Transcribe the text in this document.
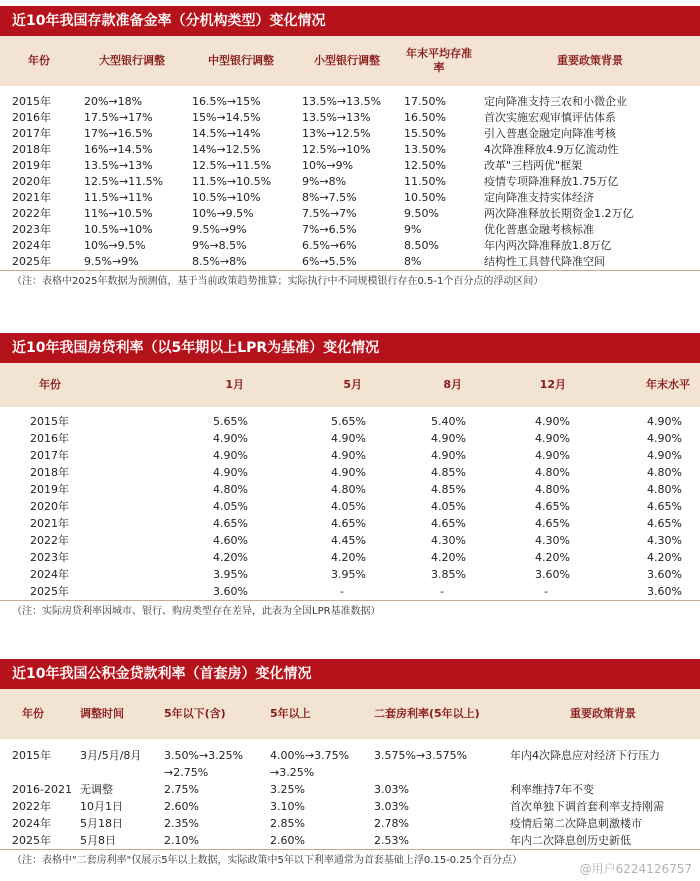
近10年我国存款准备金率（分机构类型）变化情况
年份	大型银行调整	中型银行调整	小型银行调整	年末平均存准率	重要政策背景

2015年	20%→18%	16.5%→15%	13.5%→13.5%	17.50%	定向降准支持三农和小微企业
2016年	17.5%→17%	15%→14.5%	13.5%→13%	16.50%	首次实施宏观审慎评估体系
2017年	17%→16.5%	14.5%→14%	13%→12.5%	15.50%	引入普惠金融定向降准考核
2018年	16%→14.5%	14%→12.5%	12.5%→10%	13.50%	4次降准释放4.9万亿流动性
2019年	13.5%→13%	12.5%→11.5%	10%→9%	12.50%	改革"三档两优"框架
2020年	12.5%→11.5%	11.5%→10.5%	9%→8%	11.50%	疫情专项降准释放1.75万亿
2021年	11.5%→11%	10.5%→10%	8%→7.5%	10.50%	定向降准支持实体经济
2022年	11%→10.5%	10%→9.5%	7.5%→7%	9.50%	两次降准释放长期资金1.2万亿
2023年	10.5%→10%	9.5%→9%	7%→6.5%	9%	优化普惠金融考核标准
2024年	10%→9.5%	9%→8.5%	6.5%→6%	8.50%	年内两次降准释放1.8万亿
2025年	9.5%→9%	8.5%→8%	6%→5.5%	8%	结构性工具替代降准空间
（注：表格中2025年数据为预测值，基于当前政策趋势推算；实际执行中不同规模银行存在0.5-1个百分点的浮动区间）
近10年我国房贷利率（以5年期以上LPR为基准）变化情况
年份	1月	5月	8月	12月	年末水平

2015年	5.65%	5.65%	5.40%	4.90%	4.90%
2016年	4.90%	4.90%	4.90%	4.90%	4.90%
2017年	4.90%	4.90%	4.90%	4.90%	4.90%
2018年	4.90%	4.90%	4.85%	4.80%	4.80%
2019年	4.80%	4.80%	4.85%	4.80%	4.80%
2020年	4.05%	4.05%	4.05%	4.65%	4.65%
2021年	4.65%	4.65%	4.65%	4.65%	4.65%
2022年	4.60%	4.45%	4.30%	4.30%	4.30%
2023年	4.20%	4.20%	4.20%	4.20%	4.20%
2024年	3.95%	3.95%	3.85%	3.60%	3.60%
2025年	3.60%	-	-	-	3.60%
（注：实际房贷利率因城市、银行、购房类型存在差异，此表为全国LPR基准数据）
近10年我国公积金贷款利率（首套房）变化情况
年份	调整时间	5年以下(含)	5年以上	二套房利率(5年以上)	重要政策背景

2015年	3月/5月/8月	3.50%→3.25%	4.00%→3.75%	3.575%→3.575%	年内4次降息应对经济下行压力
		→2.75%	→3.25%		
2016-2021	无调整	2.75%	3.25%	3.03%	利率维持7年不变
2022年	10月1日	2.60%	3.10%	3.03%	首次单独下调首套利率支持刚需
2024年	5月18日	2.35%	2.85%	2.78%	疫情后第二次降息刺激楼市
2025年	5月8日	2.10%	2.60%	2.53%	年内二次降息创历史新低
（注：表格中"二套房利率"仅展示5年以上数据，实际政策中5年以下利率通常为首套基础上浮0.15-0.25个百分点）
@用户6224126757
